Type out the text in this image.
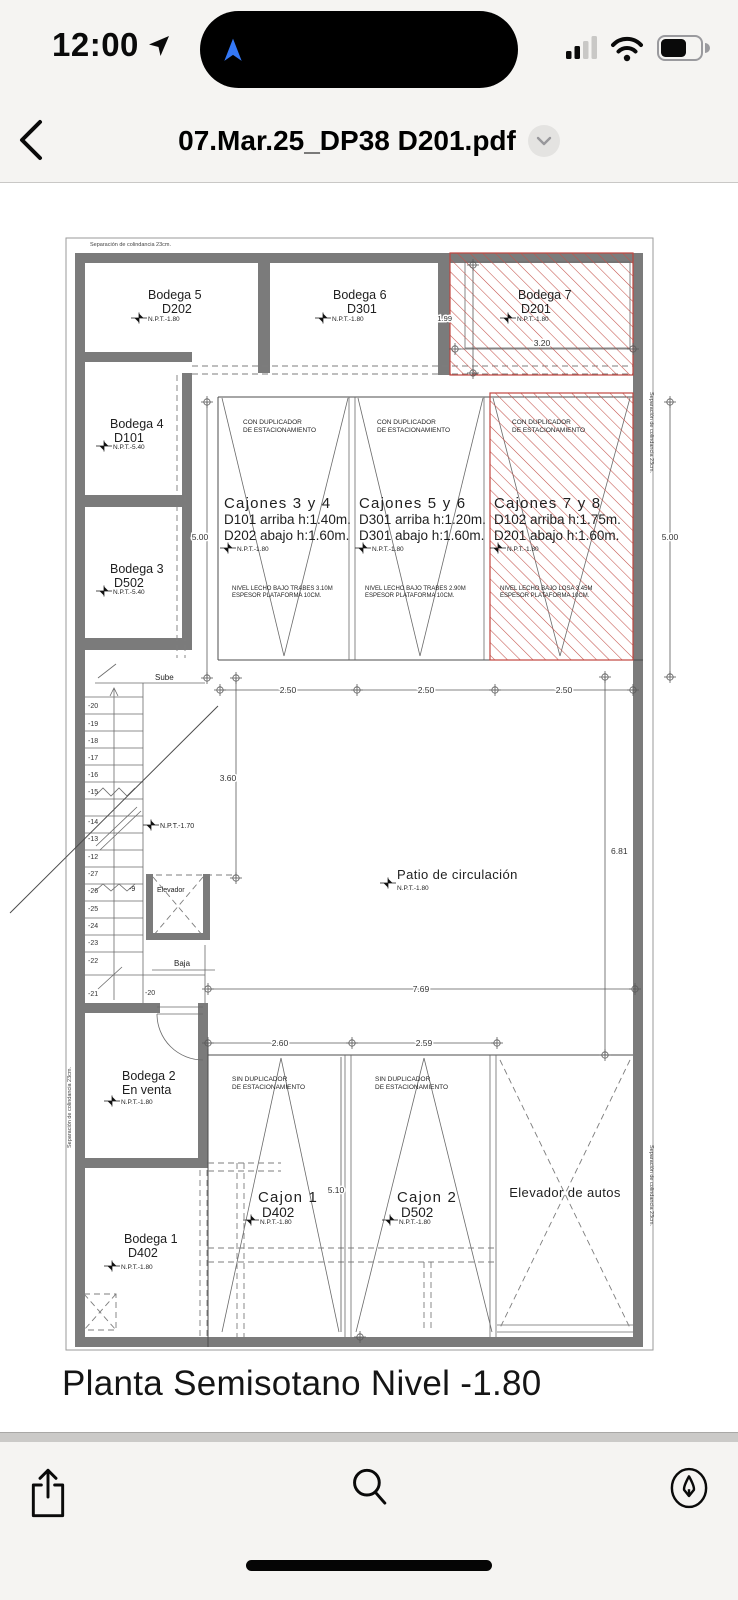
12:00
07.Mar.25_DP38 D201.pdf
Separación de colindancia 23cm.
Separación de colindancia 23cm.
Separación de colindancia 23cm.
Separación de colindancia 23cm.
Bodega 5
D202
N.P.T.-1.80
Bodega 6
D301
N.P.T.-1.80
Bodega 7
D201
N.P.T.-1.80
Bodega 4
D101
N.P.T.-5.40
Bodega 3
D502
N.P.T.-5.40
Bodega 2
En venta
N.P.T.-1.80
Bodega 1
D402
N.P.T.-1.80
CON DUPLICADOR
DE ESTACIONAMIENTO
Cajones 3 y 4
D101 arriba h:1.40m.
D202 abajo h:1.60m.
N.P.T.-1.80
NIVEL LECHO BAJO TRABES 3.10M
ESPESOR PLATAFORMA 10CM.
CON DUPLICADOR
DE ESTACIONAMIENTO
Cajones 5 y 6
D301 arriba h:1.20m.
D301 abajo h:1.60m.
N.P.T.-1.80
NIVEL LECHO BAJO TRABES 2.90M
ESPESOR PLATAFORMA 10CM.
CON DUPLICADOR
DE ESTACIONAMIENTO
Cajones 7 y 8
D102 arriba h:1.75m.
D201 abajo h:1.60m.
N.P.T.-1.80
NIVEL LECHO BAJO LOSA 3.45M
ESPESOR PLATAFORMA 10CM.
SIN DUPLICADOR
DE ESTACIONAMIENTO
Cajon 1
D402
N.P.T.-1.80
SIN DUPLICADOR
DE ESTACIONAMIENTO
Cajon 2
D502
N.P.T.-1.80
Patio de circulación
N.P.T.-1.80
Elevador de autos
Sube
Baja
Elevador
-9
N.P.T.-1.70
-20
-19
-18
-17
-16
-15
-14
-13
-12
-27
-26
-25
-24
-23
-22
-21	-20
1.99
3.20
5.00	5.00
2.50	2.50	2.50
3.60
6.81
7.69
2.60	2.59
5.10
Planta Semisotano Nivel -1.80
